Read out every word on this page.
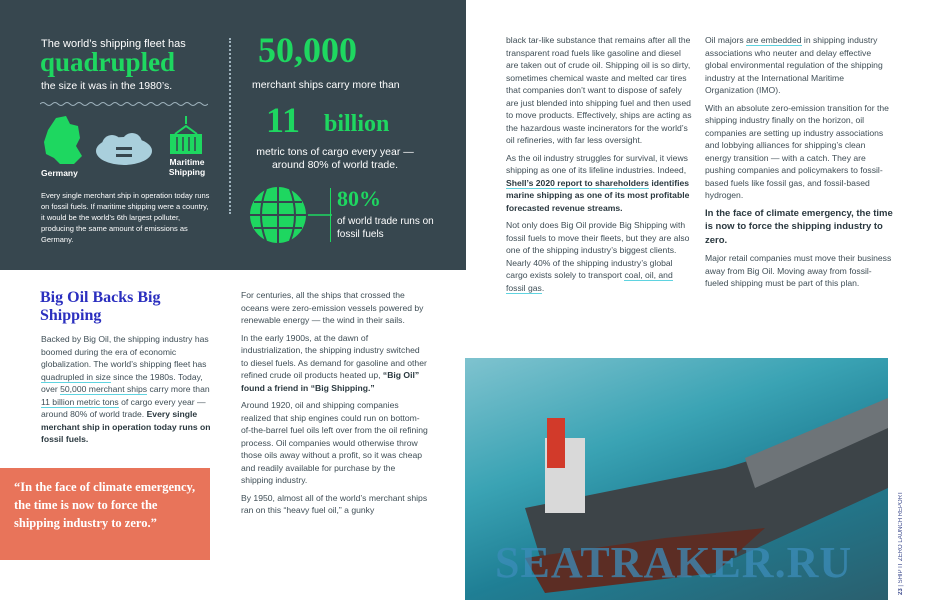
The world’s shipping fleet has
quadrupled
the size it was in the 1980’s.
Germany
Maritime Shipping
Every single merchant ship in operation today runs on fossil fuels. If maritime shipping were a country, it would be the world’s 6th largest polluter, producing the same amount of emissions as Germany.
50,000
merchant ships carry more than
11 billion
metric tons of cargo every year —around 80% of world trade.
80%
of world trade runs on fossil fuels
Big Oil Backs Big Shipping
Backed by Big Oil, the shipping industry has boomed during the era of economic globalization. The world’s shipping fleet has quadrupled in size since the 1980s. Today, over 50,000 merchant ships carry more than 11 billion metric tons of cargo every year — around 80% of world trade. Every single merchant ship in operation today runs on fossil fuels.
“In the face of climate emergency, the time is now to force the shipping industry to zero.”
For centuries, all the ships that crossed the oceans were zero-emission vessels powered by renewable energy — the wind in their sails.
In the early 1900s, at the dawn of industrialization, the shipping industry switched to diesel fuels. As demand for gasoline and other refined crude oil products heated up, “Big Oil” found a friend in “Big Shipping.”
Around 1920, oil and shipping companies realized that ship engines could run on bottom-of-the-barrel fuel oils left over from the oil refining process. Oil companies would otherwise throw those oils away without a profit, so it was cheap and readily available for purchase by the shipping industry.
By 1950, almost all of the world’s merchant ships ran on this “heavy fuel oil,” a gunky
black tar-like substance that remains after all the transparent road fuels like gasoline and diesel are taken out of crude oil. Shipping oil is so dirty, sometimes chemical waste and melted car tires that companies don’t want to dispose of safely are just blended into shipping fuel and then used to move products. Effectively, ships are acting as the hazardous waste incinerators for the world’s oil refineries, with far less oversight.
As the oil industry struggles for survival, it views shipping as one of its lifeline industries. Indeed, Shell’s 2020 report to shareholders identifies marine shipping as one of its most profitable forecasted revenue streams.
Not only does Big Oil provide Big Shipping with fossil fuels to move their fleets, but they are also one of the shipping industry’s biggest clients. Nearly 40% of the shipping industry’s global cargo exists solely to transport coal, oil, and fossil gas.
Oil majors are embedded in shipping industry associations who neuter and delay effective global environmental regulation of the shipping industry at the International Maritime Organization (IMO).
With an absolute zero-emission transition for the shipping industry finally on the horizon, oil companies are setting up industry associations and lobbying alliances for shipping’s clean energy transition — with a catch. They are pushing companies and policymakers to fossil-based fuels like fossil gas, and fossil-based hydrogen.
In the face of climate emergency, the time is now to force the shipping industry to zero.
Major retail companies must move their business away from Big Oil. Moving away from fossil-fueled shipping must be part of this plan.
SEATRAKER.RU
23 | SHIP IT ZERO LAUNCH REPORT
